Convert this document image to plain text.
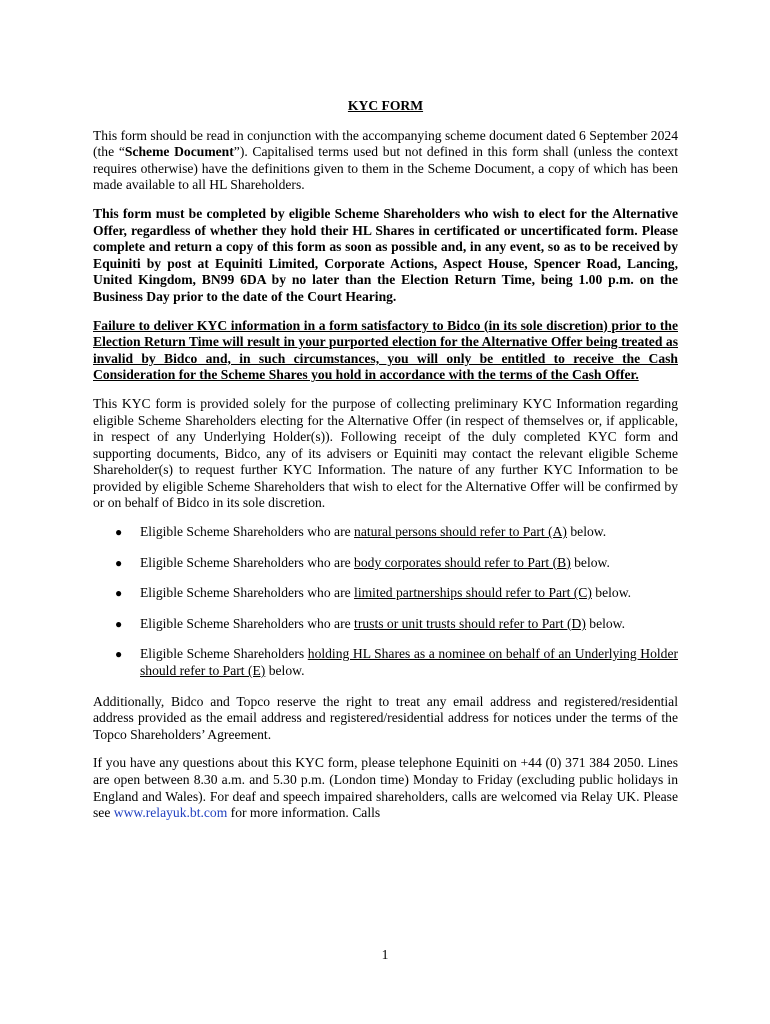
KYC FORM

This form should be read in conjunction with the accompanying scheme document dated 6 September 2024 (the “Scheme Document”). Capitalised terms used but not defined in this form shall (unless the context requires otherwise) have the definitions given to them in the Scheme Document, a copy of which has been made available to all HL Shareholders.

This form must be completed by eligible Scheme Shareholders who wish to elect for the Alternative Offer, regardless of whether they hold their HL Shares in certificated or uncertificated form. Please complete and return a copy of this form as soon as possible and, in any event, so as to be received by Equiniti by post at Equiniti Limited, Corporate Actions, Aspect House, Spencer Road, Lancing, United Kingdom, BN99 6DA by no later than the Election Return Time, being 1.00 p.m. on the Business Day prior to the date of the Court Hearing.

Failure to deliver KYC information in a form satisfactory to Bidco (in its sole discretion) prior to the Election Return Time will result in your purported election for the Alternative Offer being treated as invalid by Bidco and, in such circumstances, you will only be entitled to receive the Cash Consideration for the Scheme Shares you hold in accordance with the terms of the Cash Offer.

This KYC form is provided solely for the purpose of collecting preliminary KYC Information regarding eligible Scheme Shareholders electing for the Alternative Offer (in respect of themselves or, if applicable, in respect of any Underlying Holder(s)). Following receipt of the duly completed KYC form and supporting documents, Bidco, any of its advisers or Equiniti may contact the relevant eligible Scheme Shareholder(s) to request further KYC Information. The nature of any further KYC Information to be provided by eligible Scheme Shareholders that wish to elect for the Alternative Offer will be confirmed by or on behalf of Bidco in its sole discretion.

● Eligible Scheme Shareholders who are natural persons should refer to Part (A) below.
● Eligible Scheme Shareholders who are body corporates should refer to Part (B) below.
● Eligible Scheme Shareholders who are limited partnerships should refer to Part (C) below.
● Eligible Scheme Shareholders who are trusts or unit trusts should refer to Part (D) below.
● Eligible Scheme Shareholders holding HL Shares as a nominee on behalf of an Underlying Holder should refer to Part (E) below.

Additionally, Bidco and Topco reserve the right to treat any email address and registered/residential address provided as the email address and registered/residential address for notices under the terms of the Topco Shareholders’ Agreement.

If you have any questions about this KYC form, please telephone Equiniti on +44 (0) 371 384 2050. Lines are open between 8.30 a.m. and 5.30 p.m. (London time) Monday to Friday (excluding public holidays in England and Wales). For deaf and speech impaired shareholders, calls are welcomed via Relay UK. Please see www.relayuk.bt.com for more information. Calls

1
